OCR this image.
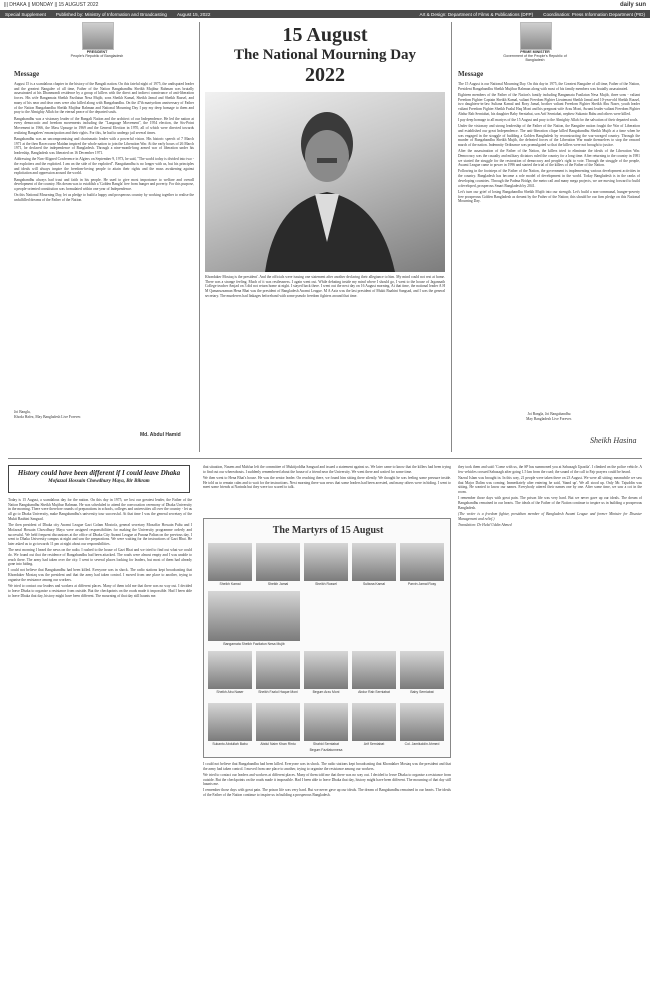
||| DHAKA || MONDAY || 15 AUGUST 2022	daily sun
Special Supplement Published by: Ministry of Information and Broadcasting August 15, 2022	Art & Design: Department of Films & Publications (DFP) Coordination: Press Information Department (PID)
PRESIDENT
People's Republic of Bangladesh
Message

August 15 is a scandalous chapter in the history of the Bangali nation. On this fateful night of 1975, the undisputed leader and the greatest Bangalee of all time, Father of the Nation Bangabandhu Sheikh Mujibur Rahman was brutally assassinated at his Dhanmondi residence by a group of killers with the direct and indirect connivance of anti-liberation forces. His wife Bangamata Sheikh Fazilatun Nesa Mujib, sons Sheikh Kamal, Sheikh Jamal and Sheikh Russel, and many of his near and dear ones were also killed along with Bangabandhu. On the 47th martyrdom anniversary of Father of the Nation Bangabandhu Sheikh Mujibur Rahman and National Mourning Day I pay my deep homage to them and pray to the Almighty Allah for the eternal peace of the departed souls.

Bangabandhu was a visionary leader of the Bangali Nation and the architect of our Independence. He led the nation at every democratic and freedom movements including the "Language Movement", the 1954 election, the Six-Point Movement in 1966, the Mass Upsurge in 1969 and the General Election in 1970, all of which were directed towards realizing Bangalees' emancipation and their rights. For this, he had to undergo jail several times.

Bangabandhu was an uncompromising and charismatic leader with a powerful vision. His historic speech of 7 March 1971 at the then Racecourse Maidan inspired the whole nation to join the Liberation War. At the early hours of 26 March 1971, he declared the independence of Bangladesh. Through a nine-month-long armed war of liberation under his leadership, Bangladesh was liberated on 16 December 1971.

Addressing the Non-Aligned Conference in Algiers on September 9, 1973, he said, "The world today is divided into two - the exploiters and the exploited. I am on the side of the exploited". Bangabandhu is no longer with us, but his principles and ideals will always inspire the freedom-loving people to attain their rights and the mass awakening against exploitation and oppression around the world.

Bangabandhu always had trust and faith in his people. He used to give most importance to welfare and overall development of the country. His dream was to establish a 'Golden Bangla' free from hunger and poverty. For this purpose, a people-oriented constitution was formulated within one year of Independence.

On this National Mourning Day, let us pledge to build a happy and prosperous country by working together to realise the unfulfilled dreams of the Father of the Nation.

Joi Bangla,
Khoda Hafez, May Bangladesh Live Forever.
Md. Abdul Hamid
15 August
The National Mourning Day
2022

Khondaker Mostaq is the president'. And the officials were issuing one statement after another declaring their allegiance to him. My mind could not rest at home. There was a strange feeling. Much of it was restlessness. I again went out. While debating inside my mind where I should go, I went to the house of Jagannath College teacher Amjad on 3 did not return home at night. I stayed back there. I went out the next day on 16 August morning. At that time, the national leader A H M Qamaruzzaman Hena Bhai was the president of Bangladesh Awami League. M A Aziz was the last president of Mukti Baahini Sangsad, and I was the general secretary. The murderers had linkages beforehand with some pseudo freedom fighters around that time.

PRIME MINISTER
Government of the People's Republic of Bangladesh
Message

The 15 August is our National Mourning Day. On this day in 1975, the Greatest Bangalee of all time, Father of the Nation, President Bangabandhu Sheikh Mujibur Rahman along with most of his family members was brutally assassinated.

Eighteen members of the Father of the Nation's family including Bangamata Fazilatun Nesa Mujib, three sons - valiant Freedom Fighter Captain Sheikh Kamal, valiant Freedom Fighter Lieutenant Sheikh Jamal and 10-year-old Sheikh Russel, two daughters-in-law Sultana Kamal and Rosy Jamal, brother valiant Freedom Fighter Sheikh Abu Naser, youth leader valiant Freedom Fighter Sheikh Fazlul Haq Moni and his pregnant wife Arzu Moni, Awami leader valiant Freedom Fighter Abdur Rab Serniabat, his daughter Baby Serniabat, son Arif Serniabat, nephew Sukanto Babu and others were killed.

I pay deep homage to all martyrs of the 15 August and pray to the Almighty Allah for the salvation of their departed souls.

Under the visionary and strong leadership of the Father of the Nation, the Bangalee nation fought the War of Liberation and established our great Independence. The anti-liberation clique killed Bangabandhu Sheikh Mujib at a time when he was engaged in the struggle of building a Golden Bangladesh by reconstructing the war-ravaged country. Through the murder of Bangabandhu Sheikh Mujib, the defeated forces of the Liberation War made themselves to stop the onward march of the nation. Indemnity Ordinance was promulgated so that the killers were not brought to justice.

After the assassination of the Father of the Nation, the killers tried to eliminate the ideals of the Liberation War. Democracy was the casualty and military dictators ruled the country for a long time. After returning to the country in 1981 we started the struggle for the restoration of democracy and people's right to vote. Through the struggle of the people, Awami League came to power in 1996 and started the trial of the killers of the Father of the Nation.

Following in the footsteps of the Father of the Nation, the government is implementing various development activities in the country. Bangladesh has become a role model of development in the world. Today Bangladesh is in the ranks of developing countries. Through the Padma Bridge, the metro rail and many mega projects, we are moving forward to build a developed, prosperous Smart Bangladesh by 2041.

Let's turn our grief of losing Bangabandhu Sheikh Mujib into our strength. Let's build a non-communal, hunger-poverty free prosperous Golden Bangladesh as dreamt by the Father of the Nation; this should be our firm pledge on this National Mourning Day.

Joi Bangla, Joi Bangabandhu
May Bangladesh Live Forever.
Sheikh Hasina
History could have been different if I could leave Dhaka
Mofazzal Hossain Chowdhury Maya, Bir Bikram

Today is 15 August, a scandalous day for the nation. On this day in 1975, we lost our greatest leader, the Father of the Nation Bangabandhu Sheikh Mujibur Rahman. He was scheduled to attend the convocation ceremony of Dhaka University in the morning. There were therefore rounds of preparations in schools, colleges and universities all over the country - let us all go to Dhaka University, make Bangabandhu's university tour successful. At that time I was the general secretary of the Mukti Baahini Sangsad.

The then president of Dhaka city Awami League Gazi Golam Mostofa, general secretary Mozaffar Hossain Paltu and I Mofazzal Hossain Chowdhury Maya were assigned responsibilities for making the University programme orderly and successful. We held frequent discussions at the office of Dhaka City Awami League at Purana Paltan on the previous day. I went to Dhaka University campus at night and saw the preparations. We were waiting for the instructions of Gazi Bhai. He later asked us to go towards 11 pm at night about our responsibilities.

The next morning I heard the news on the radio. I rushed to the house of Gazi Bhai and we tried to find out what we could do. We found out that the residence of Bangabandhu had been attacked. The roads were almost empty and I was unable to reach there. The army had taken over the city. I went to several places looking for leaders, but most of them had already gone into hiding.

I could not believe that Bangabandhu had been killed. Everyone was in shock. The radio stations kept broadcasting that Khondaker Mostaq was the president and that the army had taken control. I moved from one place to another, trying to organise the resistance among our workers.

We tried to contact our leaders and workers at different places. Many of them told me that there was no way out. I decided to leave Dhaka to organise a resistance from outside. But the checkpoints on the roads made it impossible. Had I been able to leave Dhaka that day, history might have been different. The mourning of that day still haunts me.

that situation, Nasem and Mahfuz left the committee of Muktijoddha Sangsad and issued a statement against us. We later came to know that the killers had been trying to find out our whereabouts. I suddenly remembered about the house of a friend near the University. We went there and waited for some time.

We then went to Hena Bhai's house. He was the senior leader. On reaching there, we found him sitting there silently. We thought he was feeling some pressure inside. He told us to remain calm and to wait for the instructions. Next morning there was news that some leaders had been arrested, and many others were in hiding. I went to meet some friends at Narinda but they were too scared to talk.

they took them and said: 'Come with us, the SP has summoned you at Sabuzagh Upazila'. I climbed on the police vehicle. A few vehicles crossed Sabuzagh after going 1.5 km from the road; the sound of the call to Fajr prayers could be heard.

Nazrul Islam was brought in. In this way, 21 people were taken there on 23 August. We were all sitting; meanwhile we saw that Major Dalim was coming. Immediately after entering he said, 'Stand up'. We all stood up. Only Mr. Tajuddin was sitting. He wanted to know our names. Everybody uttered their names one by one. After some time, we saw a cot in the room.

I remember those days with great pain. The prison life was very hard. But we never gave up our ideals. The dream of Bangabandhu remained in our hearts. The ideals of the Father of the Nation continue to inspire us in building a prosperous Bangladesh.

(The writer is a freedom fighter, presidium member of Bangladesh Awami League and former Minister for Disaster Management and relief.)

Translation: Dr Helal Uddin Ahmed

The Martyrs of 15 August
Sheikh Kamal	Sheikh Jamal	Sheikh Russel	Sultana Kamal	Parvin Jamal Rosy
Bangamata Sheikh Fazilatun Nesa Mujib
Sheikh Abu Naser	Sheikh Fazlul Haque Moni	Begum Arzu Moni	Abdur Rab Serniabat	Baby Serniabat
Sukanto Abdullah Babu	Abdul Naim Khan Rintu	Shahid Serniabat	Arif Serniabat	Col. Jamiluddin Ahmed
Begum Fazilatunnesa

I could not believe that Bangabandhu had been killed. Everyone was in shock. The radio stations kept broadcasting that Khondaker Mostaq was the president and that the army had taken control. I moved from one place to another, trying to organise the resistance among our workers.

We tried to contact our leaders and workers at different places. Many of them told me that there was no way out. I decided to leave Dhaka to organise a resistance from outside. But the checkpoints on the roads made it impossible. Had I been able to leave Dhaka that day, history might have been different. The mourning of that day still haunts me.

I remember those days with great pain. The prison life was very hard. But we never gave up our ideals. The dream of Bangabandhu remained in our hearts. The ideals of the Father of the Nation continue to inspire us in building a prosperous Bangladesh.
